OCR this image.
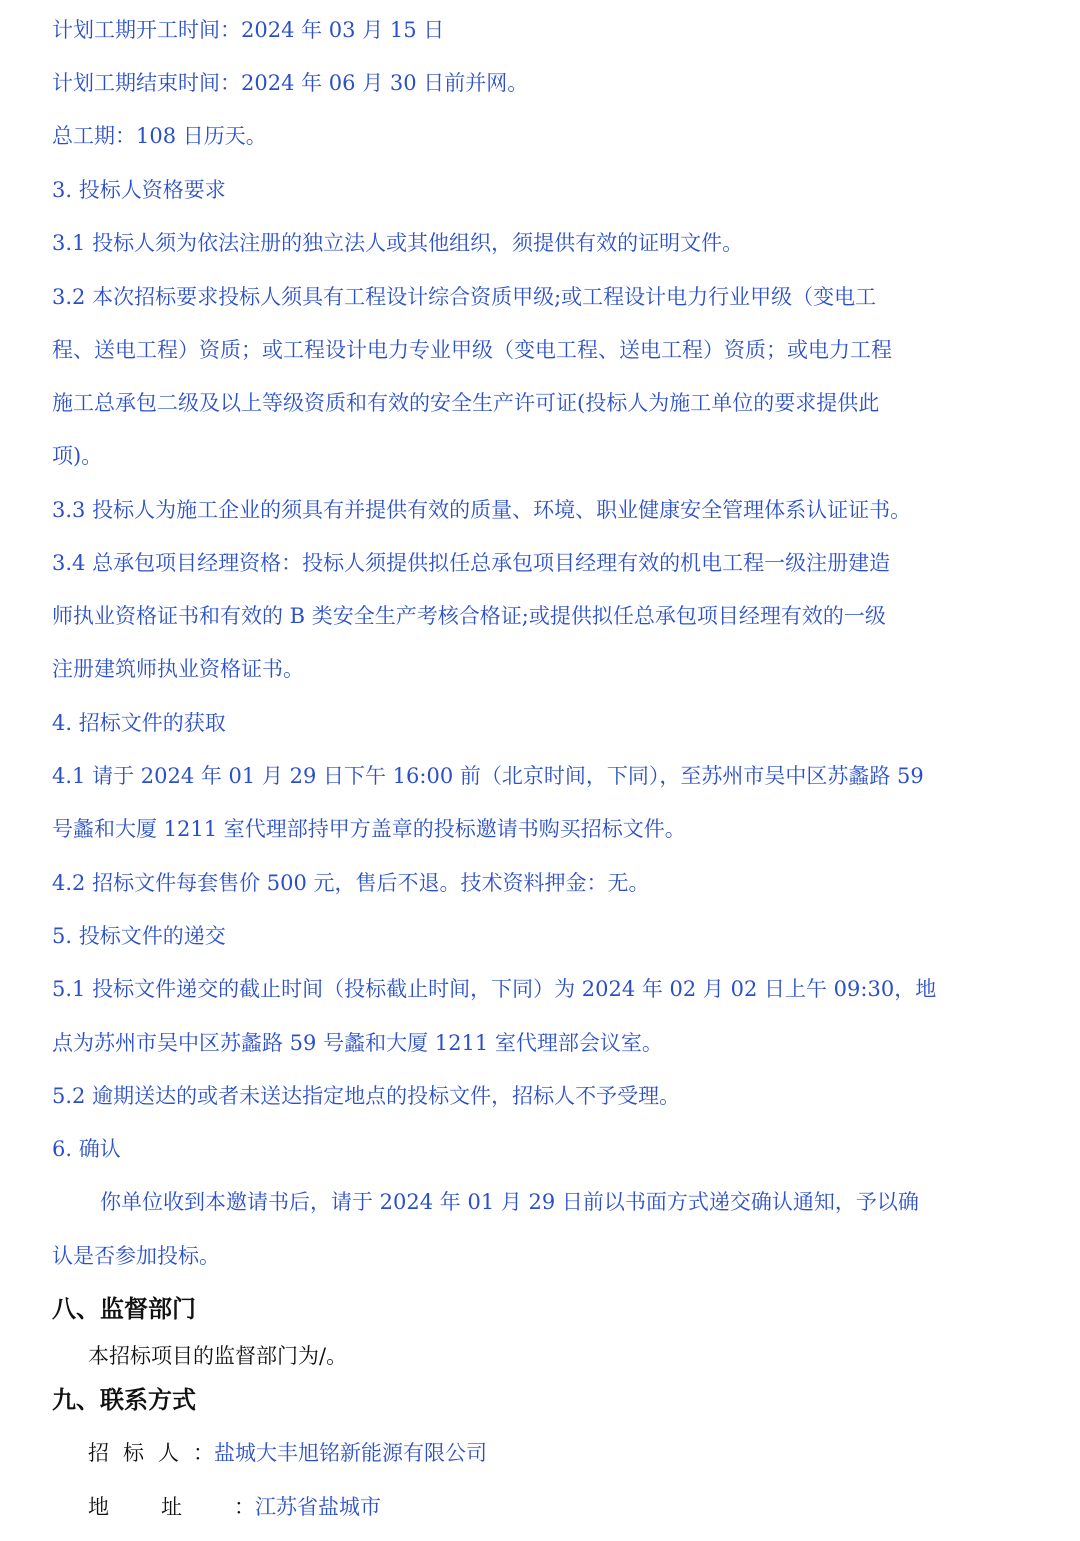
计划工期开工时间：2024 年 03 月 15 日

计划工期结束时间：2024 年 06 月 30 日前并网。

总工期：108 日历天。

3. 投标人资格要求

3.1 投标人须为依法注册的独立法人或其他组织，须提供有效的证明文件。

3.2 本次招标要求投标人须具有工程设计综合资质甲级;或工程设计电力行业甲级（变电工

程、送电工程）资质；或工程设计电力专业甲级（变电工程、送电工程）资质；或电力工程

施工总承包二级及以上等级资质和有效的安全生产许可证(投标人为施工单位的要求提供此

项)。

3.3 投标人为施工企业的须具有并提供有效的质量、环境、职业健康安全管理体系认证证书。

3.4 总承包项目经理资格：投标人须提供拟任总承包项目经理有效的机电工程一级注册建造

师执业资格证书和有效的 B 类安全生产考核合格证;或提供拟任总承包项目经理有效的一级

注册建筑师执业资格证书。

4. 招标文件的获取

4.1 请于 2024 年 01 月 29 日下午 16:00 前（北京时间，下同），至苏州市吴中区苏蠡路 59

号蠡和大厦 1211 室代理部持甲方盖章的投标邀请书购买招标文件。

4.2 招标文件每套售价 500 元，售后不退。技术资料押金：无。

5. 投标文件的递交

5.1 投标文件递交的截止时间（投标截止时间，下同）为 2024 年 02 月 02 日上午 09:30，地

点为苏州市吴中区苏蠡路 59 号蠡和大厦 1211 室代理部会议室。

5.2 逾期送达的或者未送达指定地点的投标文件，招标人不予受理。

6. 确认

你单位收到本邀请书后，请于 2024 年 01 月 29 日前以书面方式递交确认通知，予以确

认是否参加投标。

八、监督部门

本招标项目的监督部门为/。

九、联系方式

招标人：盐城大丰旭铭新能源有限公司

地址：江苏省盐城市
